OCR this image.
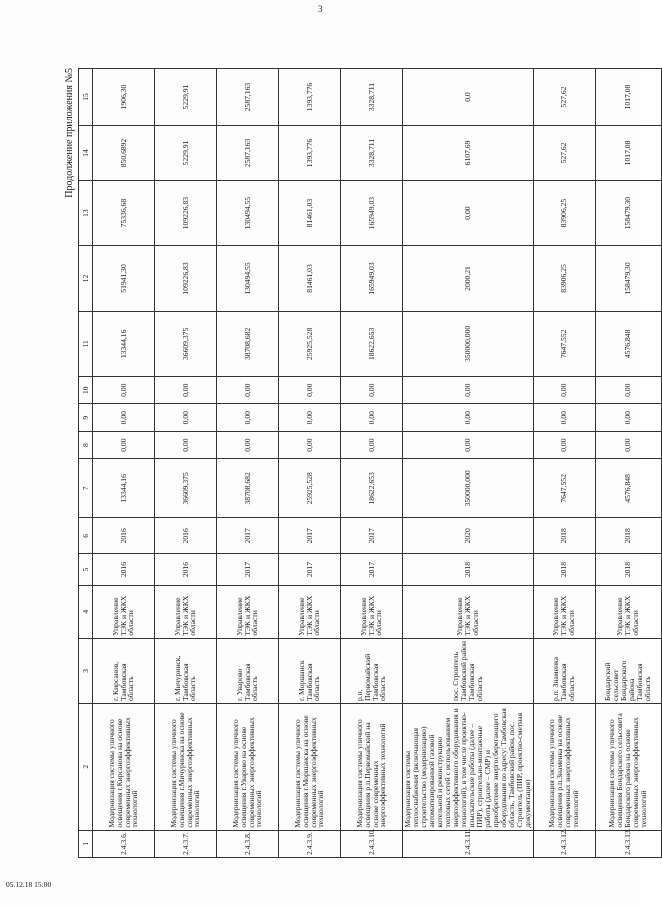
3
Продолжение приложения №5
1	2	3	4	5	6	7	8	9	10	11	12	13	14	15
2.4.3.6.	Модернизация системы уличного освещения г.Кирсанова на основе современных энергоэффективных технологий	г. Кирсанов, Тамбовская область	Управление ТЭК и ЖКХ области	2016	2016	13344,16	0,00	0,00	0,00	13344,16	51941,30	75336,68	850,6892	1906,30
2.4.3.7.	Модернизация системы уличного освещения г.Мичуринска на основе современных энергоэффективных технологий	г. Мичуринск, Тамбовская область	Управление ТЭК и ЖКХ области	2016	2016	36609,375	0,00	0,00	0,00	36609,375	109226,83	109226,83	5229,91	5229,91
2.4.3.8.	Модернизация системы уличного освещения г.Уварово на основе современных энергоэффективных технологий	г. Уварово Тамбовская область	Управление ТЭК и ЖКХ области	2017	2017	38708,682	0,00	0,00	0,00	38708,682	130494,55	130494,55	2587,163	2587,163
2.4.3.9.	Модернизация системы уличного освещения г.Моршанска на основе современных энергоэффективных технологий	г. Моршанск Тамбовская область	Управление ТЭК и ЖКХ области	2017	2017	25925,528	0,00	0,00	0,00	25925,528	81461,03	81461,03	1393,776	1393,776
2.4.3.10.	Модернизация системы уличного освещения р.п.Первомайский на основе современных энергоэффективных технологий	р.п. Первомайский Тамбовская область	Управление ТЭК и ЖКХ области	2017	2017	18622,653	0,00	0,00	0,00	18622,653	165949,03	165949,03	3328,711	3328,711
2.4.3.11.	Модернизация системы теплоснабжения (включающая строительство (модернизацию) автоматизированной газовой котельной и реконструкцию тепловых сетей с использованием энергоэффективного оборудования и технологий), в том числе проектно-изыскательские работы (далее – ПИР), строительно-монтажные работы (далее – СМР) и приобретение энергосберегающего оборудования по адресу: Тамбовская область, Тамбовский район, пос. Строитель (ПИР, проектно-сметная документация)	пос. Строитель Тамбовский район Тамбовская область	Управление ТЭК и ЖКХ области	2018	2020	350000,000	0,00	0,00	0,00	350000,000	2000,21	0,00	6107,69	0,0
2.4.3.12.	Модернизация системы уличного освещения р.п.Знаменка на основе современных энергоэффективных технологий	р.п. Знаменка Тамбовская область	Управление ТЭК и ЖКХ области	2018	2018	7647,552	0,00	0,00	0,00	7647,552	83906,25	83906,25	527,62	527,62
2.4.3.13.	Модернизация системы уличного освещения Бондарского сельсовета Бондарского района на основе современных энергоэффективных технологий	Бондарский сельсовет Бондарского района Тамбовская область	Управление ТЭК и ЖКХ области	2018	2018	4576,848	0,00	0,00	0,00	4576,848	158479,30	158479,30	1017,08	1017,08
05.12.18 15:00
